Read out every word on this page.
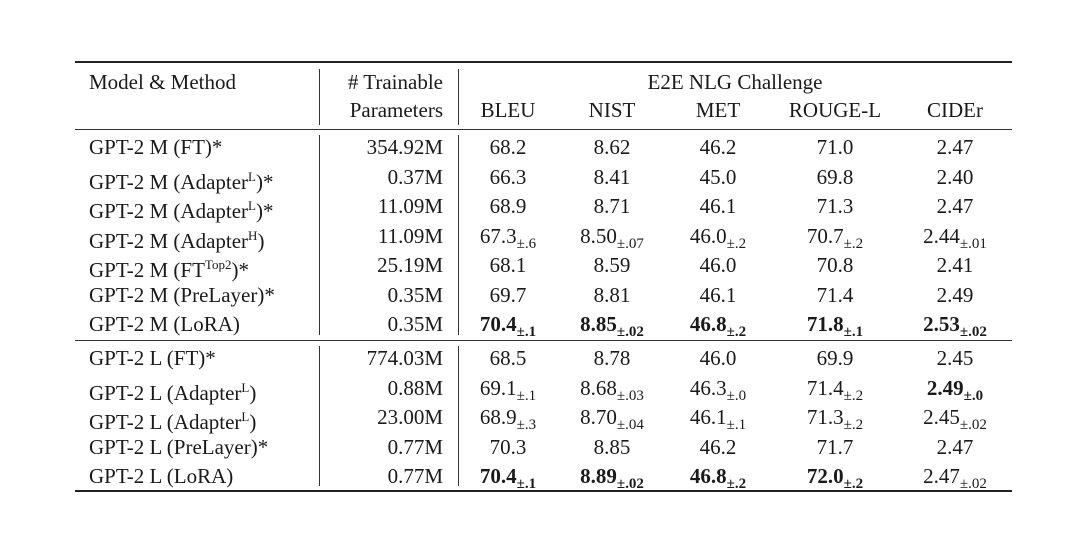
Model & Method	# Trainable
Parameters
E2E NLG Challenge
BLEU	NIST	MET	ROUGE-L	CIDEr
GPT-2 M (FT)*	354.92M	68.2	8.62	46.2	71.0	2.47
GPT-2 M (Adapter$^L$)*	0.37M	66.3	8.41	45.0	69.8	2.40
GPT-2 M (Adapter$^L$)*	11.09M	68.9	8.71	46.1	71.3	2.47
GPT-2 M (Adapter$^H$)	11.09M	$67.3_{\pm.6}$	$8.50_{\pm.07}$	$46.0_{\pm.2}$	$70.7_{\pm.2}$	$2.44_{\pm.01}$
GPT-2 M $(FT^{Top2})*$	25.19M	68.1	8.59	46.0	70.8	2.41
GPT-2 M (PreLayer)*	0.35M	69.7	8.81	46.1	71.4	2.49
GPT-2 M (LoRA)	0.35M	$70.4_{\pm.1}$	$8.85_{\pm.02}$	$46.8_{\pm.2}$	$71.8_{\pm.1}$	$2.53_{\pm.02}$
GPT-2 L (FT)*	774.03M	68.5	8.78	46.0	69.9	2.45
GPT-2 L (Adapter$^L$)	0.88M	$69.1_{\pm.1}$	$8.68_{\pm.03}$	$46.3_{\pm.0}$	$71.4_{\pm.2}$	$2.49_{\pm.0}$
GPT-2 L (Adapter$^L$)	23.00M	$68.9_{\pm.3}$	$8.70_{\pm.04}$	$46.1_{\pm.1}$	$71.3_{\pm.2}$	$2.45_{\pm.02}$
GPT-2 L (PreLayer)*	0.77M	70.3	8.85	46.2	71.7	2.47
GPT-2 L (LoRA)	0.77M	$70.4_{\pm.1}$	$8.89_{\pm.02}$	$46.8_{\pm.2}$	$72.0_{\pm.2}$	$2.47_{\pm.02}$
